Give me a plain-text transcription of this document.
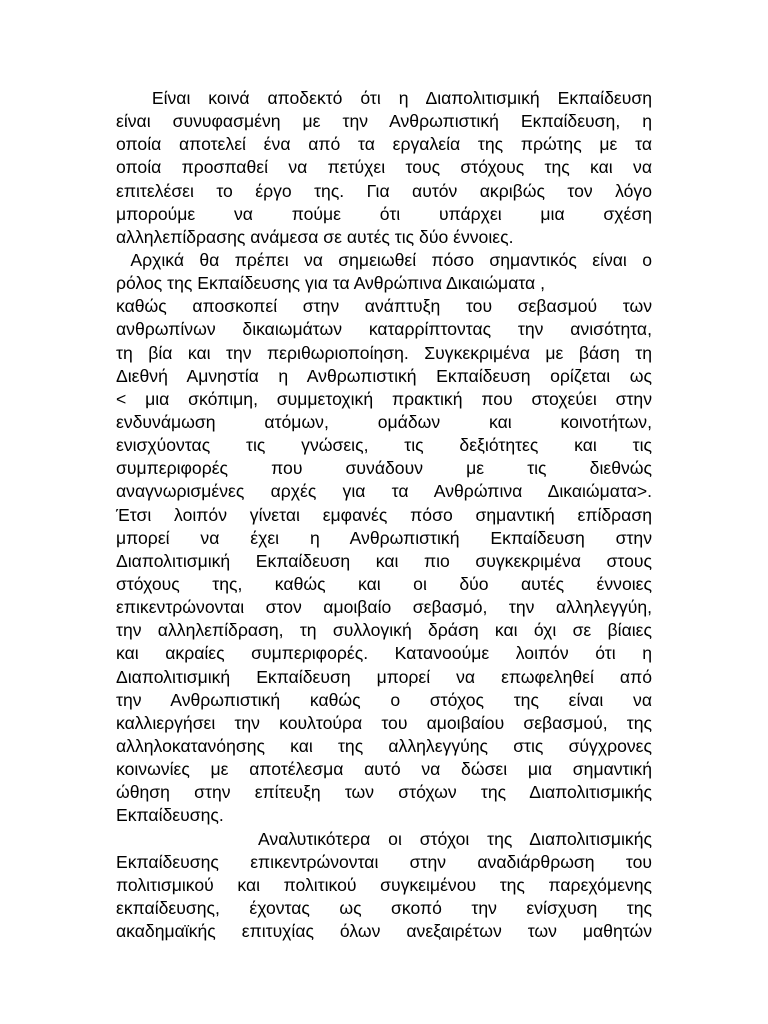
Είναι κοινά αποδεκτό ότι η Διαπολιτισμική Εκπαίδευση
είναι συνυφασμένη με την Ανθρωπιστική Εκπαίδευση, η
οποία αποτελεί ένα από τα εργαλεία της πρώτης με τα
οποία προσπαθεί να πετύχει τους στόχους της και να
επιτελέσει το έργο της. Για αυτόν ακριβώς τον λόγο
μπορούμε να πούμε ότι υπάρχει μια σχέση
αλληλεπίδρασης ανάμεσα σε αυτές τις δύο έννοιες.
Αρχικά θα πρέπει να σημειωθεί πόσο σημαντικός είναι ο
ρόλος της Εκπαίδευσης για τα Ανθρώπινα Δικαιώματα ,
καθώς αποσκοπεί στην ανάπτυξη του σεβασμού των
ανθρωπίνων δικαιωμάτων καταρρίπτοντας την ανισότητα,
τη βία και την περιθωριοποίηση. Συγκεκριμένα με βάση τη
Διεθνή Αμνηστία η Ανθρωπιστική Εκπαίδευση ορίζεται ως
< μια σκόπιμη, συμμετοχική πρακτική που στοχεύει στην
ενδυνάμωση ατόμων, ομάδων και κοινοτήτων,
ενισχύοντας τις γνώσεις, τις δεξιότητες και τις
συμπεριφορές που συνάδουν με τις διεθνώς
αναγνωρισμένες αρχές για τα Ανθρώπινα Δικαιώματα>.
Έτσι λοιπόν γίνεται εμφανές πόσο σημαντική επίδραση
μπορεί να έχει η Ανθρωπιστική Εκπαίδευση στην
Διαπολιτισμική Εκπαίδευση και πιο συγκεκριμένα στους
στόχους της, καθώς και οι δύο αυτές έννοιες
επικεντρώνονται στον αμοιβαίο σεβασμό, την αλληλεγγύη,
την αλληλεπίδραση, τη συλλογική δράση και όχι σε βίαιες
και ακραίες συμπεριφορές. Κατανοούμε λοιπόν ότι η
Διαπολιτισμική Εκπαίδευση μπορεί να επωφεληθεί από
την Ανθρωπιστική καθώς ο στόχος της είναι να
καλλιεργήσει την κουλτούρα του αμοιβαίου σεβασμού, της
αλληλοκατανόησης και της αλληλεγγύης στις σύγχρονες
κοινωνίες με αποτέλεσμα αυτό να δώσει μια σημαντική
ώθηση στην επίτευξη των στόχων της Διαπολιτισμικής
Εκπαίδευσης.
Αναλυτικότερα οι στόχοι της Διαπολιτισμικής
Εκπαίδευσης επικεντρώνονται στην αναδιάρθρωση του
πολιτισμικού και πολιτικού συγκειμένου της παρεχόμενης
εκπαίδευσης, έχοντας ως σκοπό την ενίσχυση της
ακαδημαϊκής επιτυχίας όλων ανεξαιρέτων των μαθητών
